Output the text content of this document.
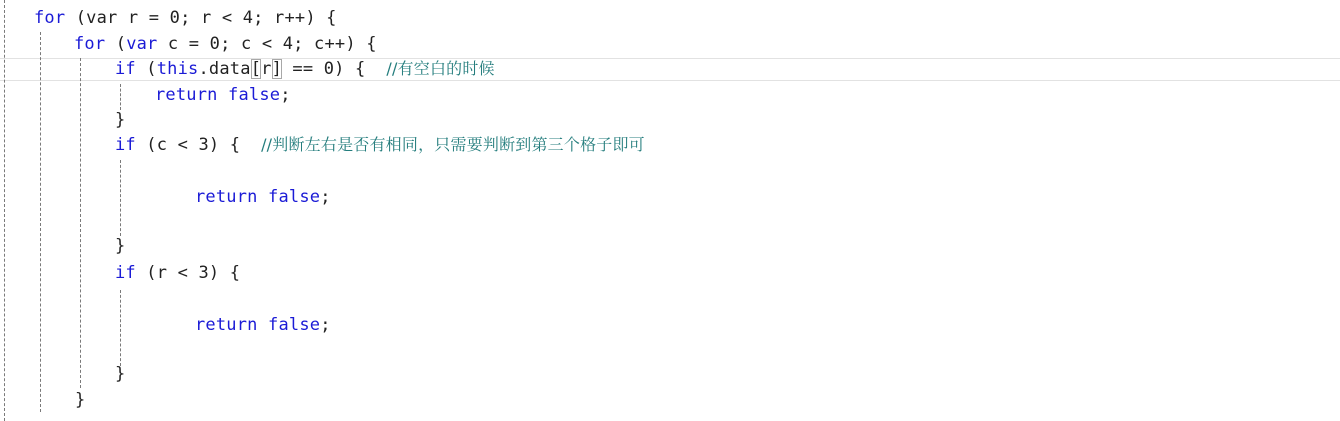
for (var r = 0; r < 4; r++) {
for (var c = 0; c < 4; c++) {
if (this.data[r] == 0) {  //有空白的时候
return false;
}
if (c < 3) {  //判断左右是否有相同，只需要判断到第三个格子即可
return false;
}
if (r < 3) {
return false;
}
}
